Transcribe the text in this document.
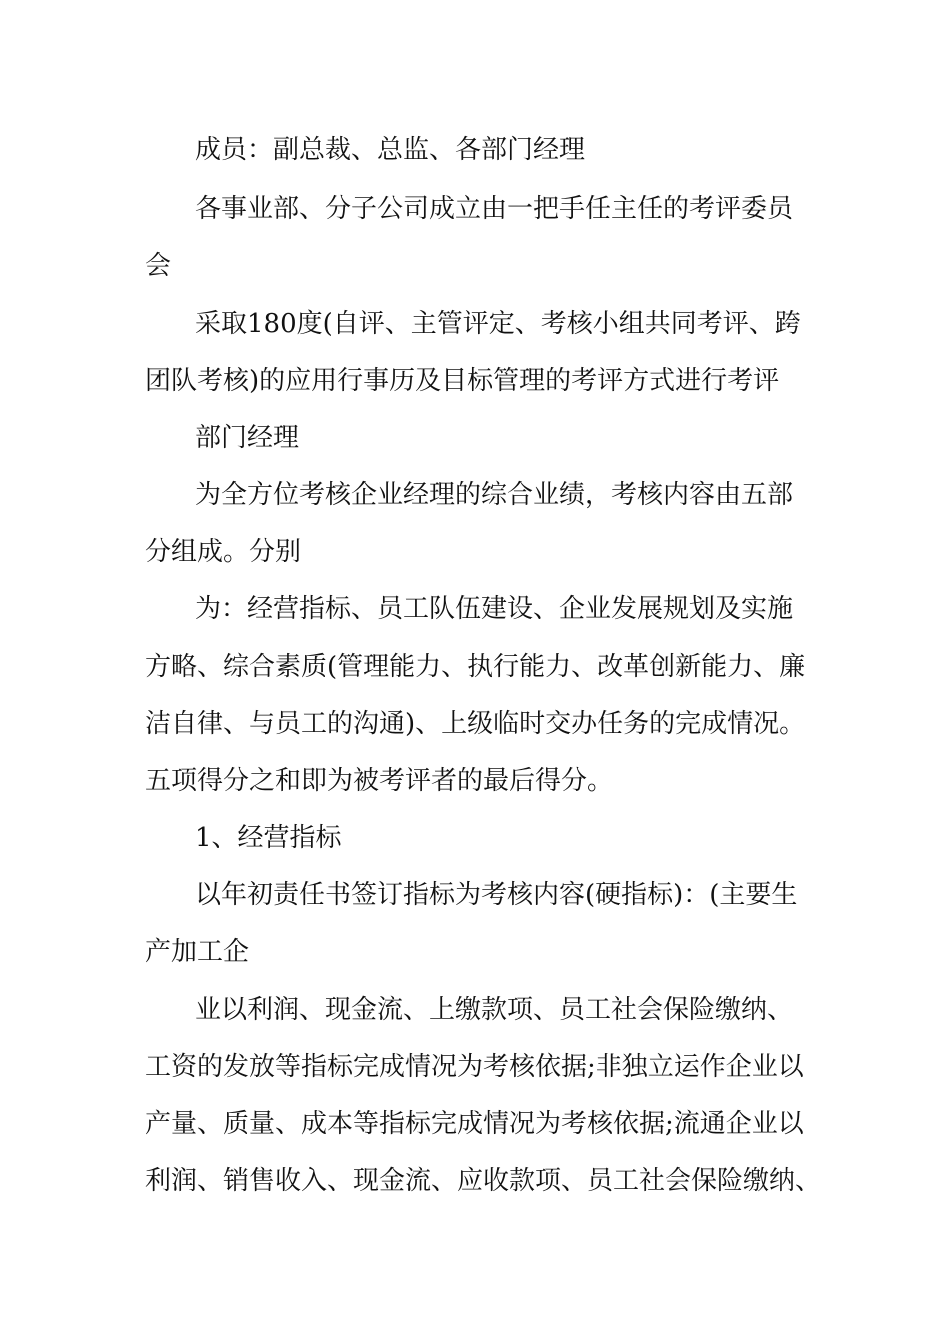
成员：副总裁、总监、各部门经理

各事业部、分子公司成立由一把手任主任的考评委员

会

采取180度(自评、主管评定、考核小组共同考评、跨

团队考核)的应用行事历及目标管理的考评方式进行考评

部门经理

为全方位考核企业经理的综合业绩，考核内容由五部

分组成。分别

为：经营指标、员工队伍建设、企业发展规划及实施

方略、综合素质(管理能力、执行能力、改革创新能力、廉

洁自律、与员工的沟通)、上级临时交办任务的完成情况。

五项得分之和即为被考评者的最后得分。

1、经营指标

以年初责任书签订指标为考核内容(硬指标)：(主要生

产加工企

业以利润、现金流、上缴款项、员工社会保险缴纳、

工资的发放等指标完成情况为考核依据;非独立运作企业以

产量、质量、成本等指标完成情况为考核依据;流通企业以

利润、销售收入、现金流、应收款项、员工社会保险缴纳、
